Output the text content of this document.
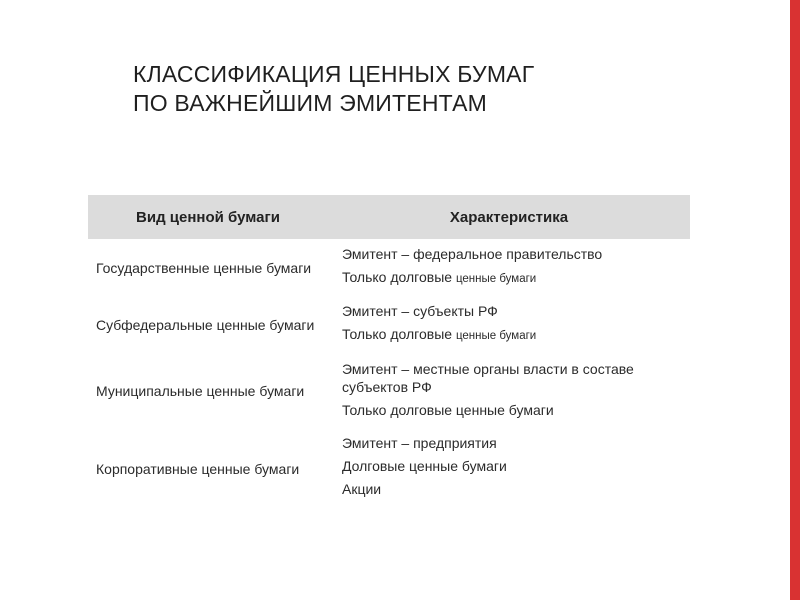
КЛАССИФИКАЦИЯ ЦЕННЫХ БУМАГ
ПО ВАЖНЕЙШИМ ЭМИТЕНТАМ
Вид ценной бумаги	Характеристика
Государственные ценные бумаги	Эмитент – федеральное правительство
Только долговые ценные бумаги

Субфедеральные ценные бумаги	Эмитент – субъекты РФ
Только долговые ценные бумаги

Муниципальные ценные бумаги	Эмитент – местные органы власти в составе субъектов РФ
Только долговые ценные бумаги

Корпоративные ценные бумаги	Эмитент – предприятия
Долговые ценные бумаги
Акции
